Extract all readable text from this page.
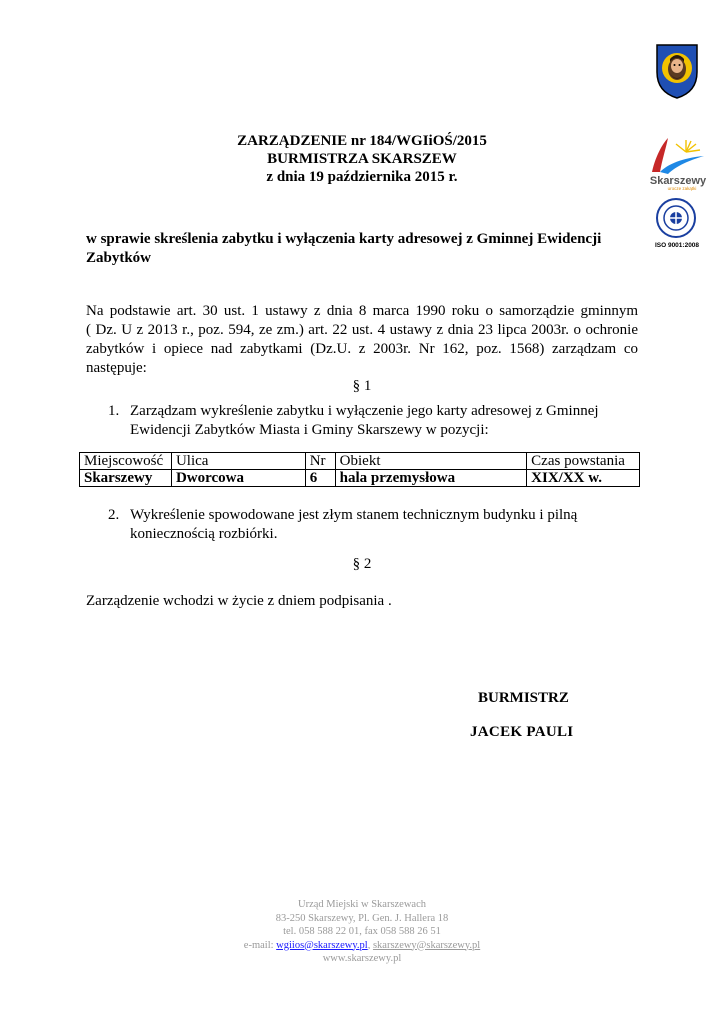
Skarszewy
urocze zakątki
ISO 9001:2008
ZARZĄDZENIE nr 184/WGIiOŚ/2015
BURMISTRZA SKARSZEW
z dnia 19 października 2015 r.
w sprawie skreślenia zabytku i wyłączenia karty adresowej z Gminnej Ewidencji
Zabytków
Na podstawie art. 30 ust. 1 ustawy z dnia 8 marca 1990 roku o samorządzie gminnym
( Dz. U z 2013 r., poz. 594, ze zm.) art. 22 ust. 4 ustawy z dnia 23 lipca 2003r. o ochronie
zabytków i opiece nad zabytkami (Dz.U. z 2003r. Nr 162, poz. 1568) zarządzam co następuje:
§ 1
1. Zarządzam wykreślenie zabytku i wyłączenie jego karty adresowej z Gminnej
Ewidencji Zabytków Miasta i Gminy Skarszewy w pozycji:
Miejscowość	Ulica	Nr	Obiekt	Czas powstania
Skarszewy	Dworcowa	6	hala przemysłowa	XIX/XX w.
2. Wykreślenie spowodowane jest złym stanem technicznym budynku i pilną
koniecznością rozbiórki.
§ 2
Zarządzenie wchodzi w życie z dniem podpisania .
BURMISTRZ
JACEK PAULI
Urząd Miejski w Skarszewach
83-250 Skarszewy, Pl. Gen. J. Hallera 18
tel. 058 588 22 01, fax 058 588 26 51
e-mail: wgiios@skarszewy.pl, skarszewy@skarszewy.pl
www.skarszewy.pl
